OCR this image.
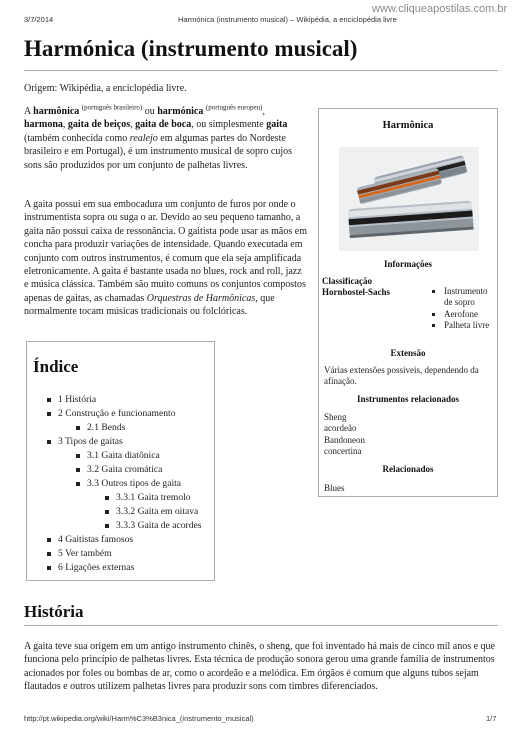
3/7/2014	Harmónica (instrumento musical) – Wikipédia, a enciclopédia livre
www.cliqueapostilas.com.br
http://pt.wikipedia.org/wiki/Harm%C3%B3nica_(instrumento_musical)	1/7
Harmónica (instrumento musical)
Origem: Wikipédia, a enciclopédia livre.
A harmônica $^{(português brasileiro)}$ ou harmónica $^{(português europeu)}$, harmona, gaita de beiços, gaita de boca, ou simplesmente gaita (também conhecida como realejo em algumas partes do Nordeste brasileiro e em Portugal), é um instrumento musical de sopro cujos sons são produzidos por um conjunto de palhetas livres.
A gaita possui em sua embocadura um conjunto de furos por onde o instrumentista sopra ou suga o ar. Devido ao seu pequeno tamanho, a gaita não possui caixa de ressonância. O gaitista pode usar as mãos em concha para produzir variações de intensidade. Quando executada em conjunto com outros instrumentos, é comum que ela seja amplificada eletronicamente. A gaita é bastante usada no blues, rock and roll, jazz e música clássica. Também são muito comuns os conjuntos compostos apenas de gaitas, as chamadas Orquestras de Harmônicas, que normalmente tocam músicas tradicionais ou folclóricas.
Harmônica
Informações
Classificação Hornbostel-Sachs	Instrumento de sopro
Aerofone
Palheta livre
Extensão
Várias extensões possíveis, dependendo da afinação.
Instrumentos relacionados
Sheng
acordeão
Bandoneon
concertina
Relacionados
Blues
Índice
1 História
2 Construção e funcionamento
2.1 Bends
3 Tipos de gaitas
3.1 Gaita diatônica
3.2 Gaita cromática
3.3 Outros tipos de gaita
3.3.1 Gaita tremolo
3.3.2 Gaita em oitava
3.3.3 Gaita de acordes
4 Gaitistas famosos
5 Ver também
6 Ligações externas
História
A gaita teve sua origem em um antigo instrumento chinês, o sheng, que foi inventado há mais de cinco mil anos e que funciona pelo princípio de palhetas livres. Esta técnica de produção sonora gerou uma grande família de instrumentos acionados por foles ou bombas de ar, como o acordeão e a melódica. Em órgãos é comum que alguns tubos sejam flautados e outros utilizem palhetas livres para produzir sons com timbres diferenciados.
